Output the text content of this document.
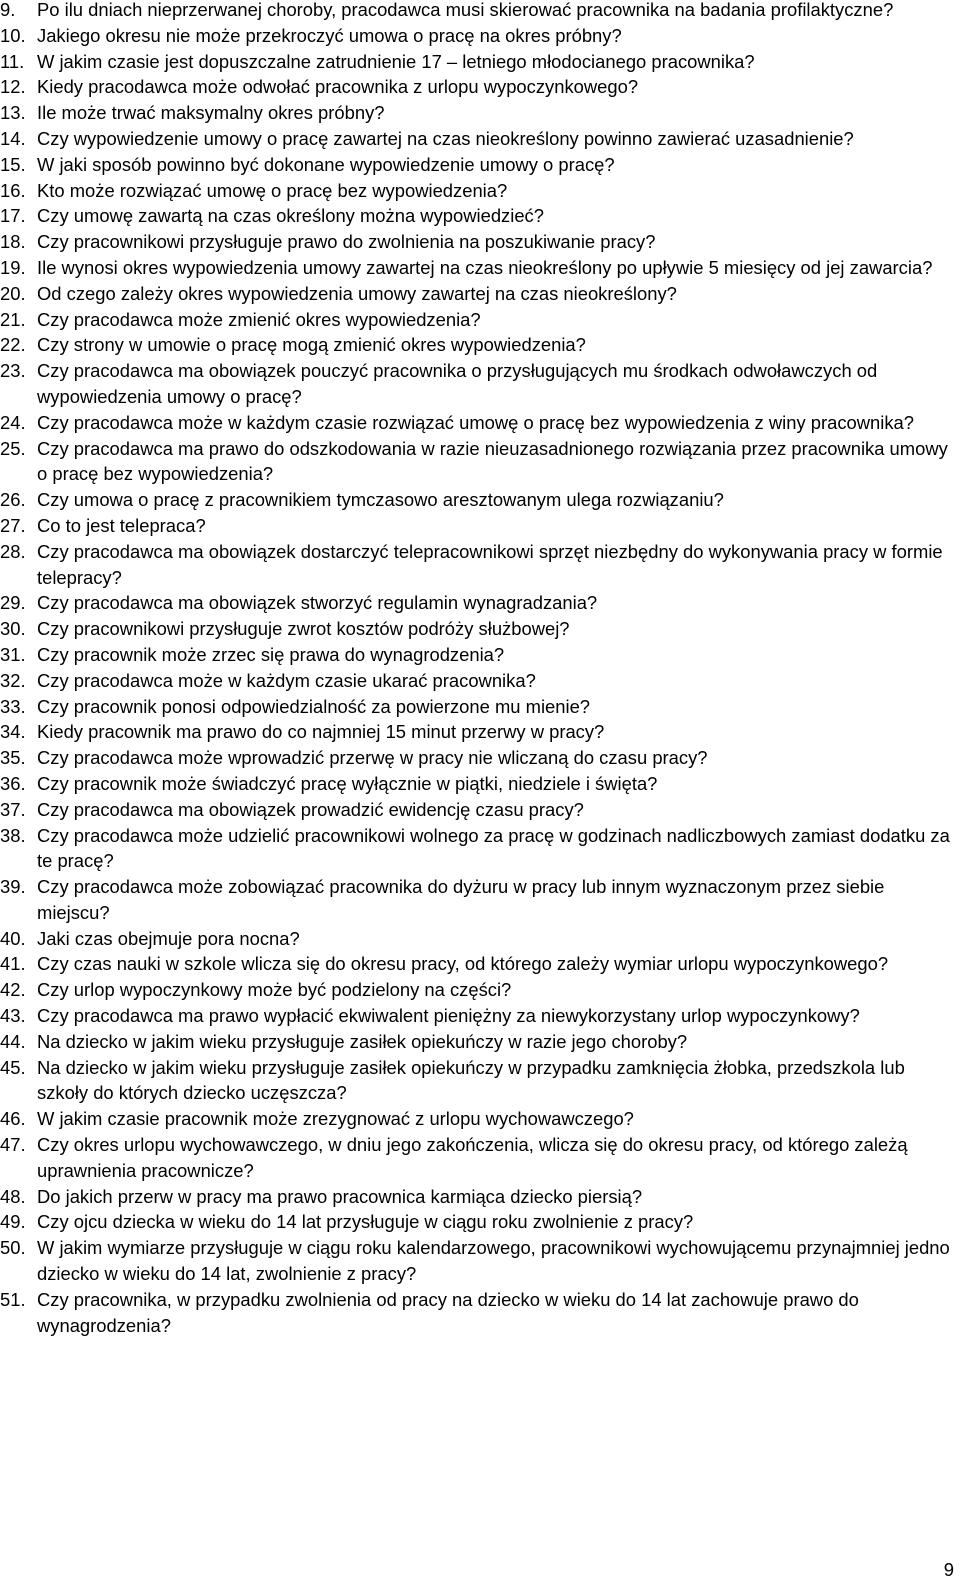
9.	Po ilu dniach nieprzerwanej choroby, pracodawca musi skierować pracownika na badania profilaktyczne?
10. Jakiego okresu nie może przekroczyć umowa o pracę na okres próbny?
11. W jakim czasie jest dopuszczalne zatrudnienie 17 – letniego młodocianego pracownika?
12. Kiedy pracodawca może odwołać pracownika z urlopu wypoczynkowego?
13. Ile może trwać maksymalny okres próbny?
14. Czy wypowiedzenie umowy o pracę zawartej na czas nieokreślony powinno zawierać uzasadnienie?
15. W jaki sposób powinno być dokonane wypowiedzenie umowy o pracę?
16. Kto może rozwiązać umowę o pracę bez wypowiedzenia?
17. Czy umowę zawartą na czas określony można wypowiedzieć?
18. Czy pracownikowi przysługuje prawo do zwolnienia na poszukiwanie pracy?
19. Ile wynosi okres wypowiedzenia umowy zawartej na czas nieokreślony po upływie 5 miesięcy od jej zawarcia?
20. Od czego zależy okres wypowiedzenia umowy zawartej na czas nieokreślony?
21. Czy pracodawca może zmienić okres wypowiedzenia?
22. Czy strony w umowie o pracę mogą zmienić okres wypowiedzenia?
23. Czy pracodawca ma obowiązek pouczyć pracownika o przysługujących mu środkach odwoławczych od wypowiedzenia umowy o pracę?
24. Czy pracodawca może w każdym czasie rozwiązać umowę o pracę bez wypowiedzenia z winy pracownika?
25. Czy pracodawca ma prawo do odszkodowania w razie nieuzasadnionego rozwiązania przez pracownika umowy o pracę bez wypowiedzenia?
26. Czy umowa o pracę z pracownikiem tymczasowo aresztowanym ulega rozwiązaniu?
27. Co to jest telepraca?
28. Czy pracodawca ma obowiązek dostarczyć telepracownikowi sprzęt niezbędny do wykonywania pracy w formie telepracy?
29. Czy pracodawca ma obowiązek stworzyć regulamin wynagradzania?
30. Czy pracownikowi przysługuje zwrot kosztów podróży służbowej?
31. Czy pracownik może zrzec się prawa do wynagrodzenia?
32. Czy pracodawca może w każdym czasie ukarać pracownika?
33. Czy pracownik ponosi odpowiedzialność za powierzone mu mienie?
34. Kiedy pracownik ma prawo do co najmniej 15 minut przerwy w pracy?
35. Czy pracodawca może wprowadzić przerwę w pracy nie wliczaną do czasu pracy?
36. Czy pracownik może świadczyć pracę wyłącznie w piątki, niedziele i święta?
37. Czy pracodawca ma obowiązek prowadzić ewidencję czasu pracy?
38. Czy pracodawca może udzielić pracownikowi wolnego za pracę w godzinach nadliczbowych zamiast dodatku za te pracę?
39. Czy pracodawca może zobowiązać pracownika do dyżuru w pracy lub innym wyznaczonym przez siebie miejscu?
40. Jaki czas obejmuje pora nocna?
41. Czy czas nauki w szkole wlicza się do okresu pracy, od którego zależy wymiar urlopu wypoczynkowego?
42. Czy urlop wypoczynkowy może być podzielony na części?
43. Czy pracodawca ma prawo wypłacić ekwiwalent pieniężny za niewykorzystany urlop wypoczynkowy?
44. Na dziecko w jakim wieku przysługuje zasiłek opiekuńczy w razie jego choroby?
45. Na dziecko w jakim wieku przysługuje zasiłek opiekuńczy w przypadku zamknięcia żłobka, przedszkola lub szkoły do których dziecko uczęszcza?
46. W jakim czasie pracownik może zrezygnować z urlopu wychowawczego?
47. Czy okres urlopu wychowawczego, w dniu jego zakończenia, wlicza się do okresu pracy, od którego zależą uprawnienia pracownicze?
48. Do jakich przerw w pracy ma prawo pracownica karmiąca dziecko piersią?
49. Czy ojcu dziecka w wieku do 14 lat przysługuje w ciągu roku zwolnienie z pracy?
50. W jakim wymiarze przysługuje w ciągu roku kalendarzowego, pracownikowi wychowującemu przynajmniej jedno dziecko w wieku do 14 lat, zwolnienie z pracy?
51. Czy pracownika, w przypadku zwolnienia od pracy na dziecko w wieku do 14 lat zachowuje prawo do wynagrodzenia?
9
